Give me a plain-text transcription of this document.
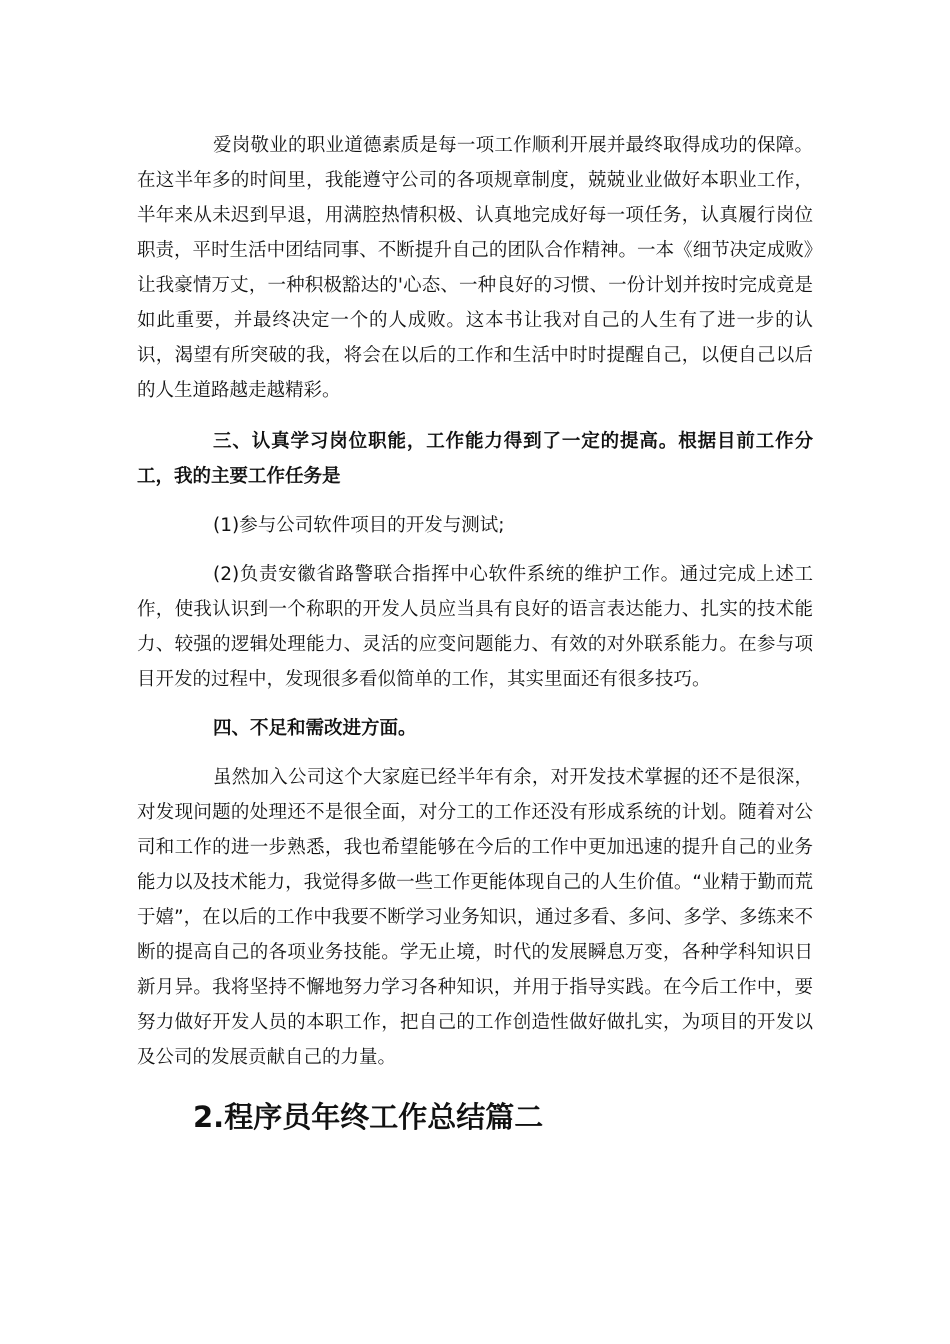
爱岗敬业的职业道德素质是每一项工作顺利开展并最终取得成功的保障。在这半年多的时间里，我能遵守公司的各项规章制度，兢兢业业做好本职业工作，半年来从未迟到早退，用满腔热情积极、认真地完成好每一项任务，认真履行岗位职责，平时生活中团结同事、不断提升自己的团队合作精神。一本《细节决定成败》让我豪情万丈，一种积极豁达的'心态、一种良好的习惯、一份计划并按时完成竟是如此重要，并最终决定一个的人成败。这本书让我对自己的人生有了进一步的认识，渴望有所突破的我，将会在以后的工作和生活中时时提醒自己，以便自己以后的人生道路越走越精彩。

三、认真学习岗位职能，工作能力得到了一定的提高。根据目前工作分工，我的主要工作任务是

(1)参与公司软件项目的开发与测试;

(2)负责安徽省路警联合指挥中心软件系统的维护工作。通过完成上述工作，使我认识到一个称职的开发人员应当具有良好的语言表达能力、扎实的技术能力、较强的逻辑处理能力、灵活的应变问题能力、有效的对外联系能力。在参与项目开发的过程中，发现很多看似简单的工作，其实里面还有很多技巧。

四、不足和需改进方面。

虽然加入公司这个大家庭已经半年有余，对开发技术掌握的还不是很深，对发现问题的处理还不是很全面，对分工的工作还没有形成系统的计划。随着对公司和工作的进一步熟悉，我也希望能够在今后的工作中更加迅速的提升自己的业务能力以及技术能力，我觉得多做一些工作更能体现自己的人生价值。“业精于勤而荒于嬉”，在以后的工作中我要不断学习业务知识，通过多看、多问、多学、多练来不断的提高自己的各项业务技能。学无止境，时代的发展瞬息万变，各种学科知识日新月异。我将坚持不懈地努力学习各种知识，并用于指导实践。在今后工作中，要努力做好开发人员的本职工作，把自己的工作创造性做好做扎实，为项目的开发以及公司的发展贡献自己的力量。

2.程序员年终工作总结篇二
